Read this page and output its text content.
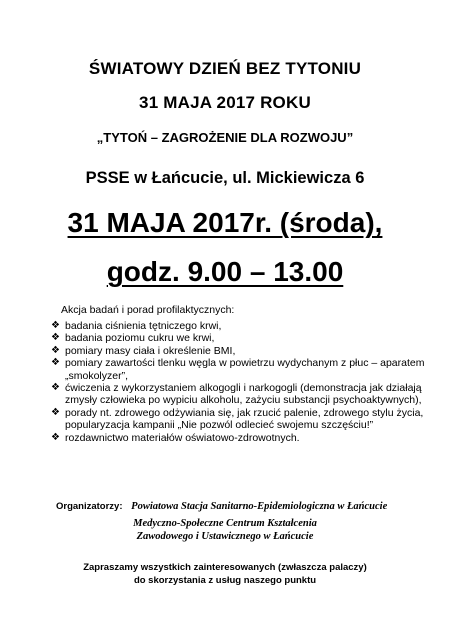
ŚWIATOWY DZIEŃ BEZ TYTONIU
31 MAJA 2017 ROKU
„TYTOŃ – ZAGROŻENIE DLA ROZWOJU”
PSSE w Łańcucie, ul. Mickiewicza 6
31 MAJA 2017r. (środa),
godz. 9.00 – 13.00
Akcja badań i porad profilaktycznych:
❖ badania ciśnienia tętniczego krwi,
❖ badania poziomu cukru we krwi,
❖ pomiary masy ciała i określenie BMI,
❖ pomiary zawartości tlenku węgla w powietrzu wydychanym z płuc – aparatem „smokolyzer”,
❖ ćwiczenia z wykorzystaniem alkogogli i narkogogli (demonstracja jak działają zmysły człowieka po wypiciu alkoholu, zażyciu substancji psychoaktywnych),
❖ porady nt. zdrowego odżywiania się, jak rzucić palenie, zdrowego stylu życia, popularyzacja kampanii „Nie pozwól odlecieć swojemu szczęściu!”
❖ rozdawnictwo materiałów oświatowo-zdrowotnych.
Organizatorzy: Powiatowa Stacja Sanitarno-Epidemiologiczna w Łańcucie
Medyczno-Społeczne Centrum Kształcenia
Zawodowego i Ustawicznego w Łańcucie
Zapraszamy wszystkich zainteresowanych (zwłaszcza palaczy)
do skorzystania z usług naszego punktu
